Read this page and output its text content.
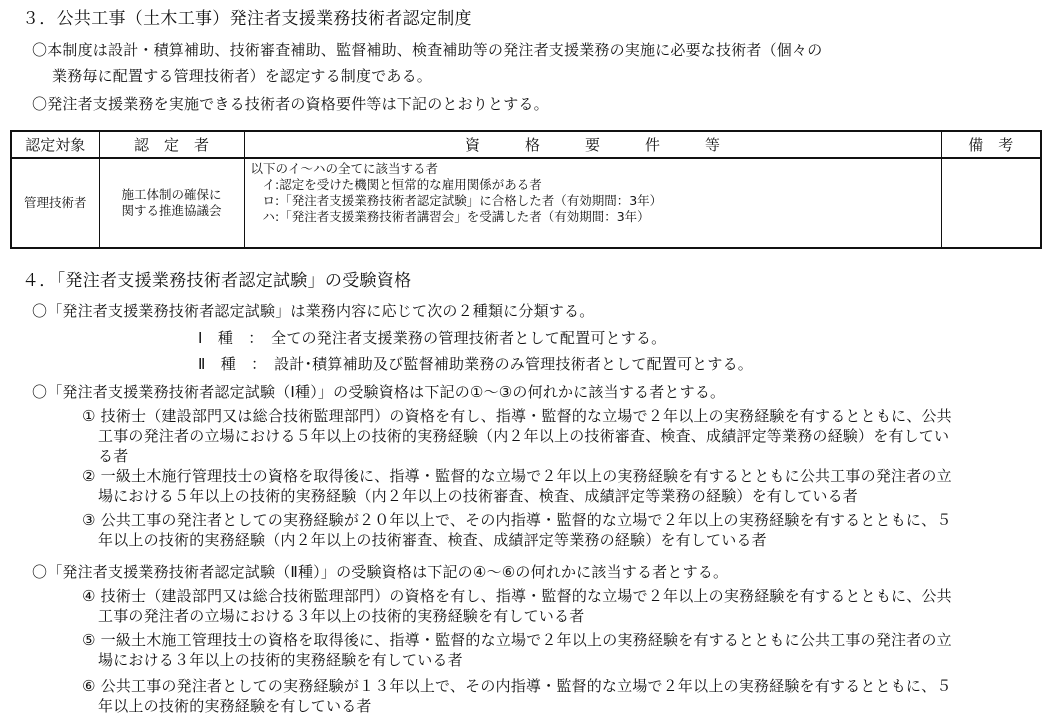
３．公共工事（土木工事）発注者支援業務技術者認定制度
〇本制度は設計・積算補助、技術審査補助、監督補助、検査補助等の発注者支援業務の実施に必要な技術者（個々の
業務毎に配置する管理技術者）を認定する制度である。
〇発注者支援業務を実施できる技術者の資格要件等は下記のとおりとする。
認定対象	認　定　者	資　　　格　　　要　　　件　　　等	備　考
管理技術者	施工体制の確保に
関する推進協議会	以下のイ～ハの全てに該当する者
イ:認定を受けた機関と恒常的な雇用関係がある者
ロ:「発注者支援業務技術者認定試験」に合格した者（有効期間：3年）
ハ:「発注者支援業務技術者講習会」を受講した者（有効期間：3年）	

４．「発注者支援業務技術者認定試験」の受験資格
〇「発注者支援業務技術者認定試験」は業務内容に応じて次の２種類に分類する。
Ⅰ　種　：　全ての発注者支援業務の管理技術者として配置可とする。
Ⅱ　種　：　設計･積算補助及び監督補助業務のみ管理技術者として配置可とする。
〇「発注者支援業務技術者認定試験（Ⅰ種）」の受験資格は下記の①～③の何れかに該当する者とする。
① 技術士（建設部門又は総合技術監理部門）の資格を有し、指導・監督的な立場で２年以上の実務経験を有するとともに、公共
工事の発注者の立場における５年以上の技術的実務経験（内２年以上の技術審査、検査、成績評定等業務の経験）を有してい
る者
② 一級土木施行管理技士の資格を取得後に、指導・監督的な立場で２年以上の実務経験を有するとともに公共工事の発注者の立
場における５年以上の技術的実務経験（内２年以上の技術審査、検査、成績評定等業務の経験）を有している者
③ 公共工事の発注者としての実務経験が２０年以上で、その内指導・監督的な立場で２年以上の実務経験を有するとともに、５
年以上の技術的実務経験（内２年以上の技術審査、検査、成績評定等業務の経験）を有している者
〇「発注者支援業務技術者認定試験（Ⅱ種）」の受験資格は下記の④～⑥の何れかに該当する者とする。
④ 技術士（建設部門又は総合技術監理部門）の資格を有し、指導・監督的な立場で２年以上の実務経験を有するとともに、公共
工事の発注者の立場における３年以上の技術的実務経験を有している者
⑤ 一級土木施工管理技士の資格を取得後に、指導・監督的な立場で２年以上の実務経験を有するとともに公共工事の発注者の立
場における３年以上の技術的実務経験を有している者
⑥ 公共工事の発注者としての実務経験が１３年以上で、その内指導・監督的な立場で２年以上の実務経験を有するとともに、５
年以上の技術的実務経験を有している者
